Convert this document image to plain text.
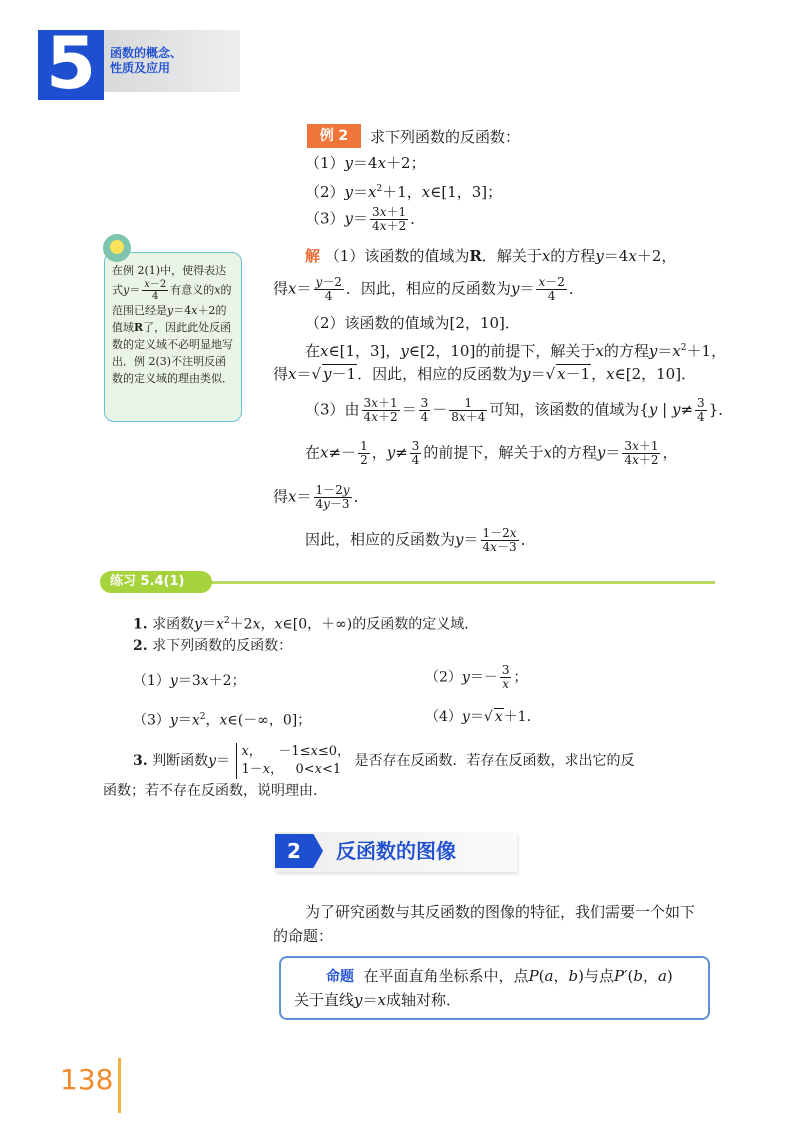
5	函数的概念、
性质及应用
例 2	求下列函数的反函数：
（1）y＝4x＋2；
$(2)y=x^2+1$，x∈[1，3]；
$(3)y= \frac{3x+1}{4x+2}$ ．
解 （1）该函数的值域为R．解关于x的方程y＝4x＋2，
得$x= \frac{y-2}{4}$ ．因此，相应的反函数为$y= \frac{x-2}{4}$ ．
（2）该函数的值域为[2，10]．
在x∈[1，3]，y∈[2，10]的前提下，解关于x的方程$y=x^2+1$，
得x＝√ y－1．因此，相应的反函数为y＝√ x－1，x∈[2，10]．
（3）由 $\frac{3x+1}{4x+2} = \frac{3}{4} - \frac{1}{8x+4}$ 可知，该函数的值域为{y | $y\ne \frac{3}{4}$ }．
在$x\ne- \frac{1}{2}$ ，$y\ne \frac{3}{4}$ 的前提下，解关于x的方程$y= \frac{3x+1}{4x+2}$ ，
得$x= \frac{1-2y}{4y-3}$ ．
因此，相应的反函数为$y= \frac{1-2x}{4x-3}$ ．
在例 2(1)中，使得表达式$y= \frac{x-2}{4}$ 有意义的x的范围已经是y＝4x＋2的值域R了，因此此处反函数的定义域不必明显地写出．例 2(3)不注明反函数的定义域的理由类似．
练习 5.4(1)
1. 求函数$y=x^2+2x$，x∈[0，＋∞)的反函数的定义域．
2. 求下列函数的反函数：
（1）y＝3x＋2；	$(2)y=- \frac{3}{x}$ ；
$(3)y=x^2$，x∈(－∞，0]；	（4）y＝√ x＋1．
3. 判断函数y＝
x，    －1≤x≤0，
1－x，   0<x<1
是否存在反函数．若存在反函数，求出它的反
函数；若不存在反函数，说明理由．
2	反函数的图像
为了研究函数与其反函数的图像的特征，我们需要一个如下
的命题：
命题 在平面直角坐标系中，点P(a，b)与点P′(b，a)
关于直线y＝x成轴对称．
138
